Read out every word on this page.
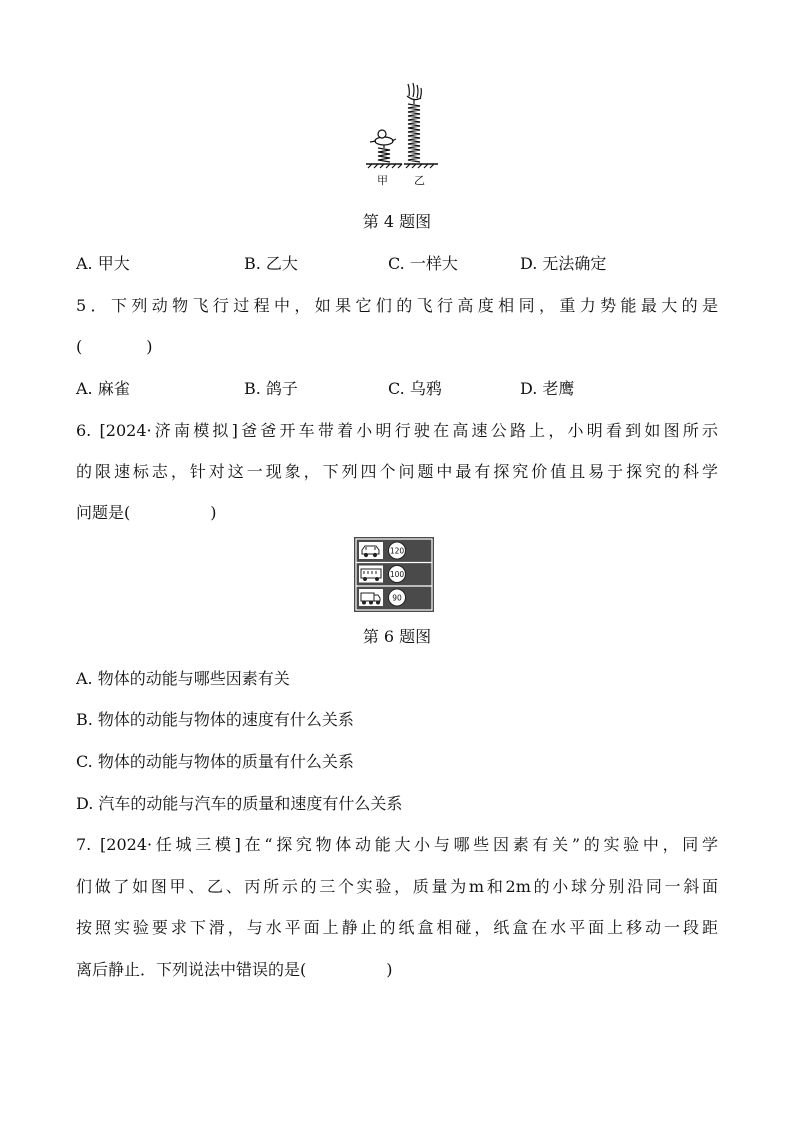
甲 乙
第 4 题图
A. 甲大	B. 乙大	C. 一样大	D. 无法确定
5．下列动物飞行过程中，如果它们的飞行高度相同，重力势能最大的是
(　　　　)
A. 麻雀	B. 鸽子	C. 乌鸦	D. 老鹰
6. [2024·济南模拟]爸爸开车带着小明行驶在高速公路上，小明看到如图所示
的限速标志，针对这一现象，下列四个问题中最有探究价值且易于探究的科学
问题是(　　　　　)
120
100
90
第 6 题图
A. 物体的动能与哪些因素有关
B. 物体的动能与物体的速度有什么关系
C. 物体的动能与物体的质量有什么关系
D. 汽车的动能与汽车的质量和速度有什么关系
7. [2024·任城三模]在“探究物体动能大小与哪些因素有关”的实验中，同学
们做了如图甲、乙、丙所示的三个实验，质量为m和2m的小球分别沿同一斜面
按照实验要求下滑，与水平面上静止的纸盒相碰，纸盒在水平面上移动一段距
离后静止．下列说法中错误的是(　　　　　)
